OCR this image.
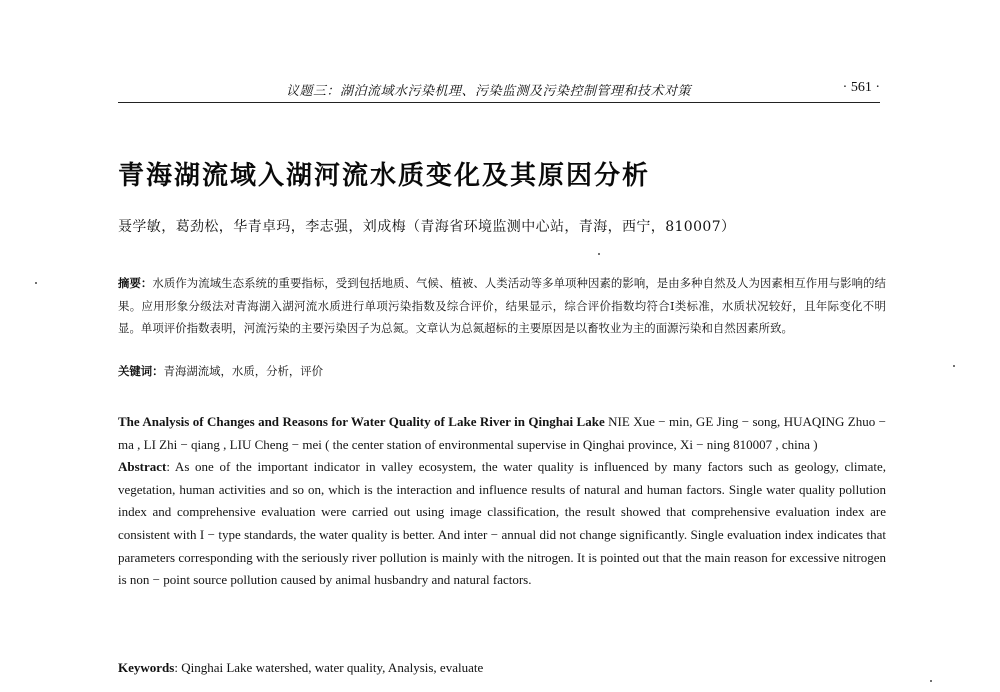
议题三：湖泊流域水污染机理、污染监测及污染控制管理和技术对策	· 561 ·
青海湖流域入湖河流水质变化及其原因分析
聂学敏，葛劲松，华青卓玛，李志强，刘成梅（青海省环境监测中心站，青海，西宁，810007）
摘要：水质作为流域生态系统的重要指标，受到包括地质、气候、植被、人类活动等多单项种因素的影响，是由多种自然及人为因素相互作用与影响的结果。应用形象分级法对青海湖入湖河流水质进行单项污染指数及综合评价，结果显示，综合评价指数均符合Ⅰ类标准，水质状况较好，且年际变化不明显。单项评价指数表明，河流污染的主要污染因子为总氮。文章认为总氮超标的主要原因是以畜牧业为主的面源污染和自然因素所致。
关键词：青海湖流域，水质，分析，评价

The Analysis of Changes and Reasons for Water Quality of Lake River in Qinghai Lake NIE Xue − min, GE Jing − song, HUAQING Zhuo − ma , LI Zhi − qiang , LIU Cheng − mei ( the center station of environmental supervise in Qinghai province, Xi − ning 810007 , china )

Abstract: As one of the important indicator in valley ecosystem, the water quality is influenced by many factors such as geology, climate, vegetation, human activities and so on, which is the interaction and influence results of natural and human factors. Single water quality pollution index and comprehensive evaluation were carried out using image classification, the result showed that comprehensive evaluation index are consistent with I − type standards, the water quality is better. And inter − annual did not change significantly. Single evaluation index indicates that parameters corresponding with the seriously river pollution is mainly with the nitrogen. It is pointed out that the main reason for excessive nitrogen is non − point source pollution caused by animal husbandry and natural factors.

Keywords: Qinghai Lake watershed, water quality, Analysis, evaluate
